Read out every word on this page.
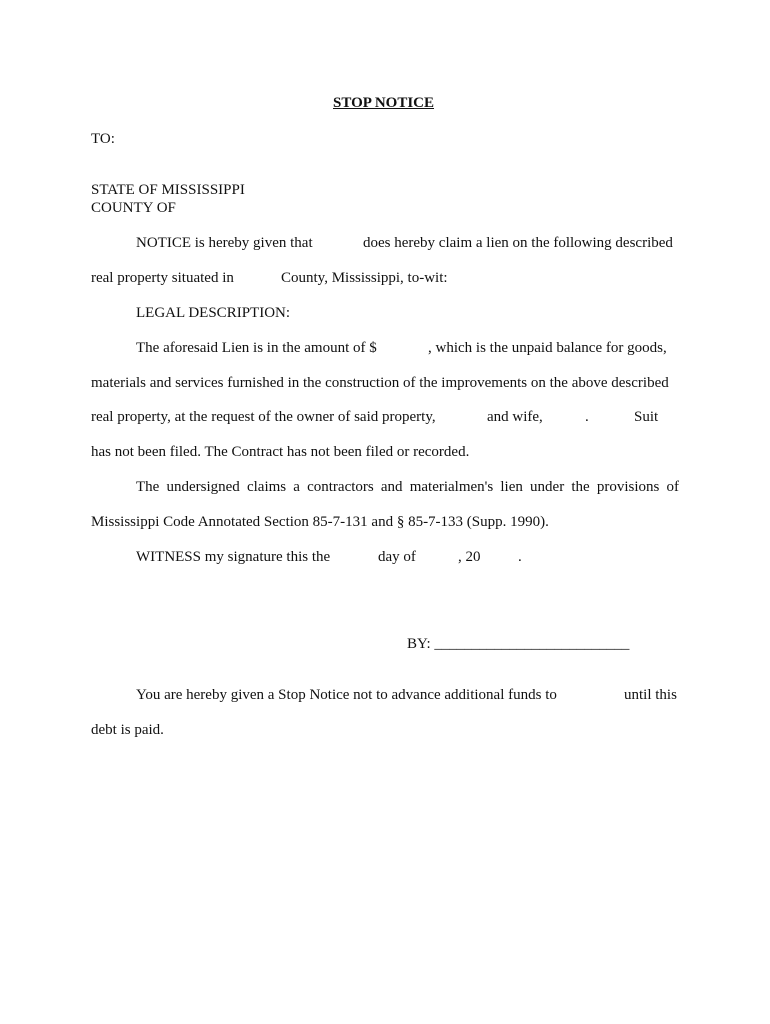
STOP NOTICE
TO:
STATE OF MISSISSIPPI
COUNTY OF
NOTICE is hereby given that	does hereby claim a lien on the following described
real property situated in	County, Mississippi, to-wit:
LEGAL DESCRIPTION:
The aforesaid Lien is in the amount of $	, which is the unpaid balance for goods,
materials and services furnished in the construction of the improvements on the above described
real property, at the request of the owner of said property,	and wife,	.	Suit
has not been filed. The Contract has not been filed or recorded.
The undersigned claims a contractors and materialmen's lien under the provisions of
Mississippi Code Annotated Section 85-7-131 and § 85-7-133 (Supp. 1990).
WITNESS my signature this the	day of	, 20	.
BY: __________________________
You are hereby given a Stop Notice not to advance additional funds to	until this
debt is paid.
